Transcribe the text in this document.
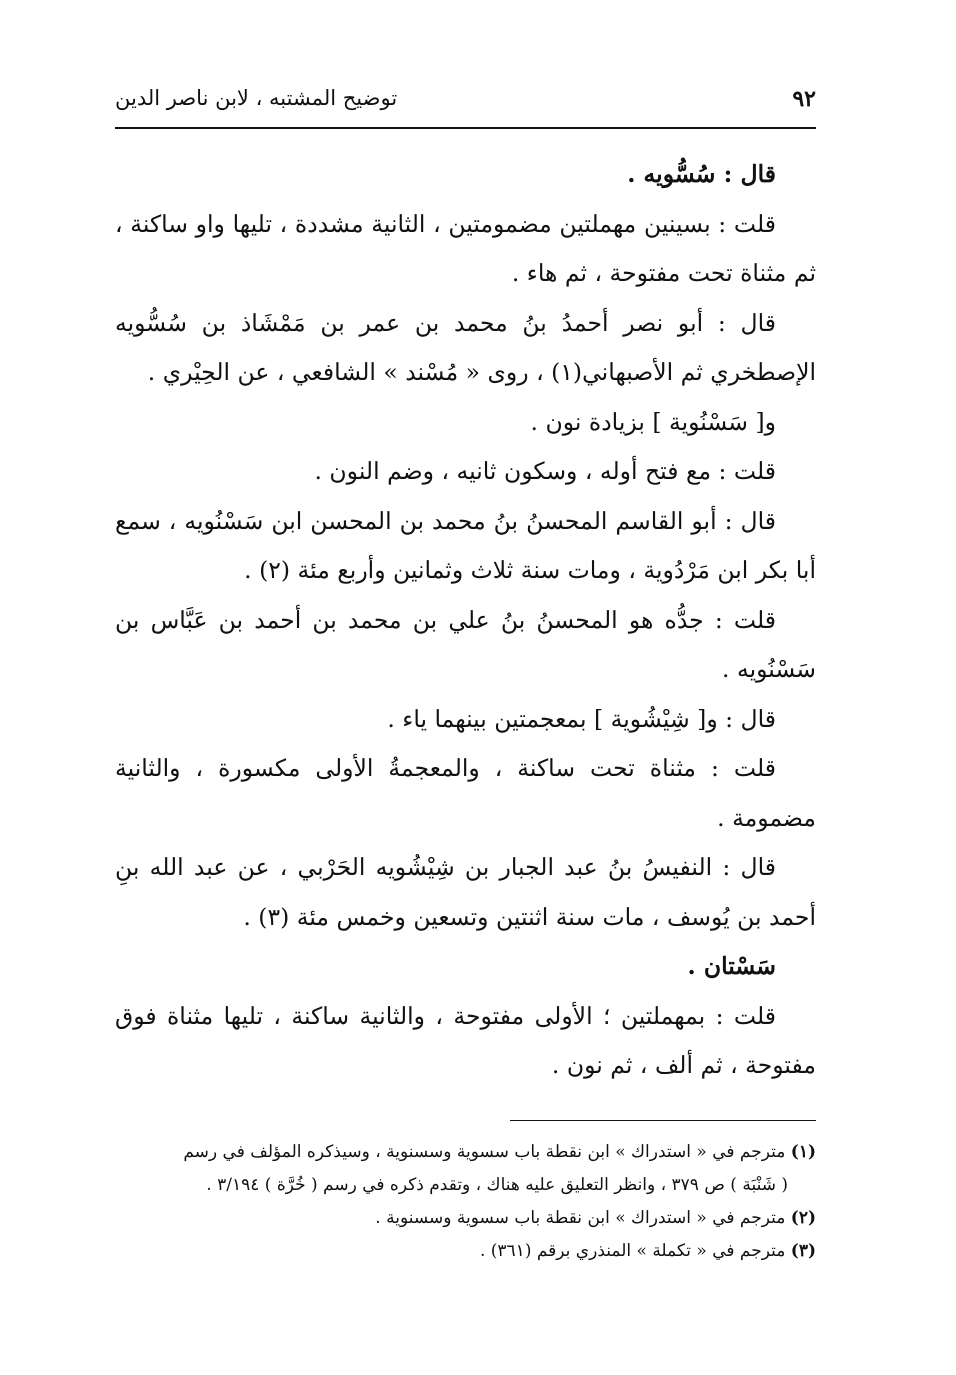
٩٢
توضيح المشتبه ، لابن ناصر الدين

قال : سُسُّويه .

قلت : بسينين مهملتين مضمومتين ، الثانية مشددة ، تليها واو ساكنة ، ثم مثناة تحت مفتوحة ، ثم هاء .

قال : أبو نصر أحمدُ بنُ محمد بن عمر بن مَمْشَاذ بن سُسُّويه الإصطخري ثم الأصبهاني(١) ، روى « مُسْند » الشافعي ، عن الحِيْري .

و[ سَسْنُوية ] بزيادة نون .

قلت : مع فتح أوله ، وسكون ثانيه ، وضم النون .

قال : أبو القاسم المحسنُ بنُ محمد بن المحسن ابن سَسْنُويه ، سمع أبا بكر ابن مَرْدُوية ، ومات سنة ثلاث وثمانين وأربع مئة (٢) .

قلت : جدُّه هو المحسنُ بنُ علي بن محمد بن أحمد بن عَبَّاس بن سَسْنُويه .

قال : و[ شِيْشُوية ] بمعجمتين بينهما ياء .

قلت : مثناة تحت ساكنة ، والمعجمةُ الأولى مكسورة ، والثانية مضمومة .

قال : النفيسُ بنُ عبد الجبار بن شِيْشُويه الحَرْبي ، عن عبد الله بنِ أحمد بن يُوسف ، مات سنة اثنتين وتسعين وخمس مئة (٣) .

سَسْتان .

قلت : بمهملتين ؛ الأولى مفتوحة ، والثانية ساكنة ، تليها مثناة فوق مفتوحة ، ثم ألف ، ثم نون .

(١) مترجم في « استدراك » ابن نقطة باب سسوية وسسنوية ، وسيذكره المؤلف في رسم

( شَنْبَة ) ص ٣٧٩ ، وانظر التعليق عليه هناك ، وتقدم ذكره في رسم ( خُرَّة ) ٣/١٩٤ .

(٢) مترجم في « استدراك » ابن نقطة باب سسوية وسسنوية .

(٣) مترجم في « تكملة » المنذري برقم (٣٦١) .
